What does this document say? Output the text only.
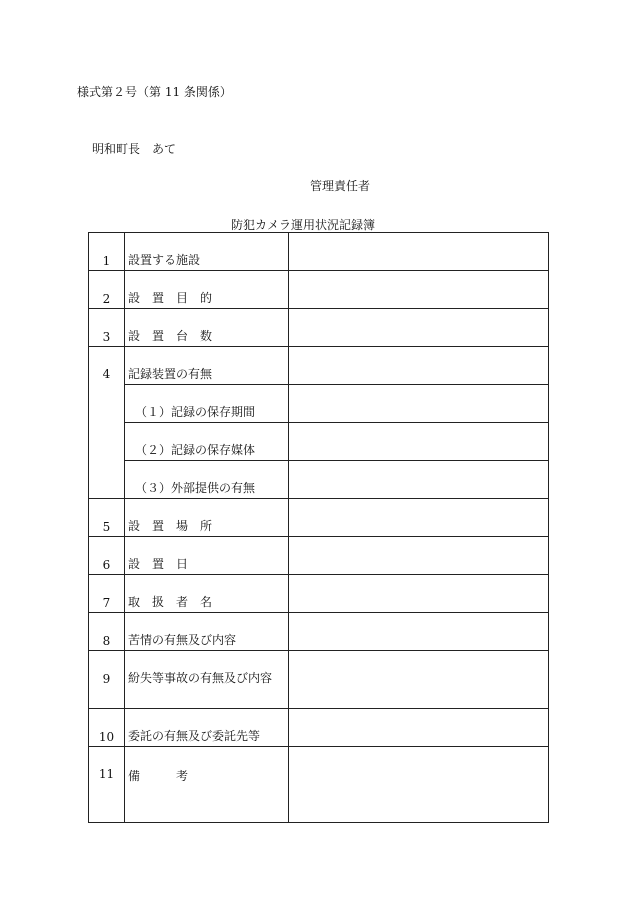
様式第２号（第 11 条関係）
明和町長　あて
管理責任者
防犯カメラ運用状況記録簿
1	設置する施設	
2	設　置　目　的	
3	設　置　台　数	
4	記録装置の有無	
	（１）記録の保存期間	
	（２）記録の保存媒体	
	（３）外部提供の有無	
5	設　置　場　所	
6	設　置　日	
7	取　扱　者　名	
8	苦情の有無及び内容	
9	紛失等事故の有無及び内容	
10	委託の有無及び委託先等	
11	備　　　考	
